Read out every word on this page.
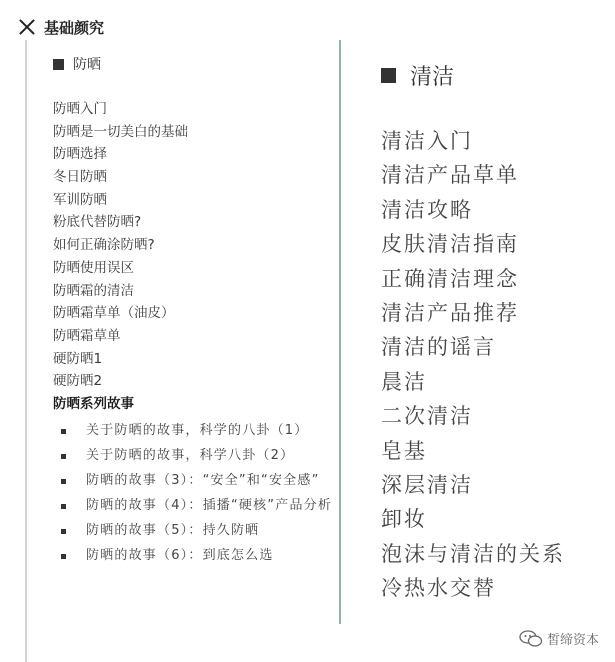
基础颜究
防晒
防晒入门
防晒是一切美白的基础
防晒选择
冬日防晒
军训防晒
粉底代替防晒?
如何正确涂防晒?
防晒使用误区
防晒霜的清洁
防晒霜草单（油皮）
防晒霜草单
硬防晒1
硬防晒2
防晒系列故事
关于防晒的故事，科学的八卦（1）
关于防晒的故事，科学八卦（2）
防晒的故事（3）：“安全”和“安全感”
防晒的故事（4）：插播“硬核”产品分析
防晒的故事（5）：持久防晒
防晒的故事（6）：到底怎么选
清洁
清洁入门
清洁产品草单
清洁攻略
皮肤清洁指南
正确清洁理念
清洁产品推荐
清洁的谣言
晨洁
二次清洁
皂基
深层清洁
卸妆
泡沫与清洁的关系
冷热水交替
皙缔资本
